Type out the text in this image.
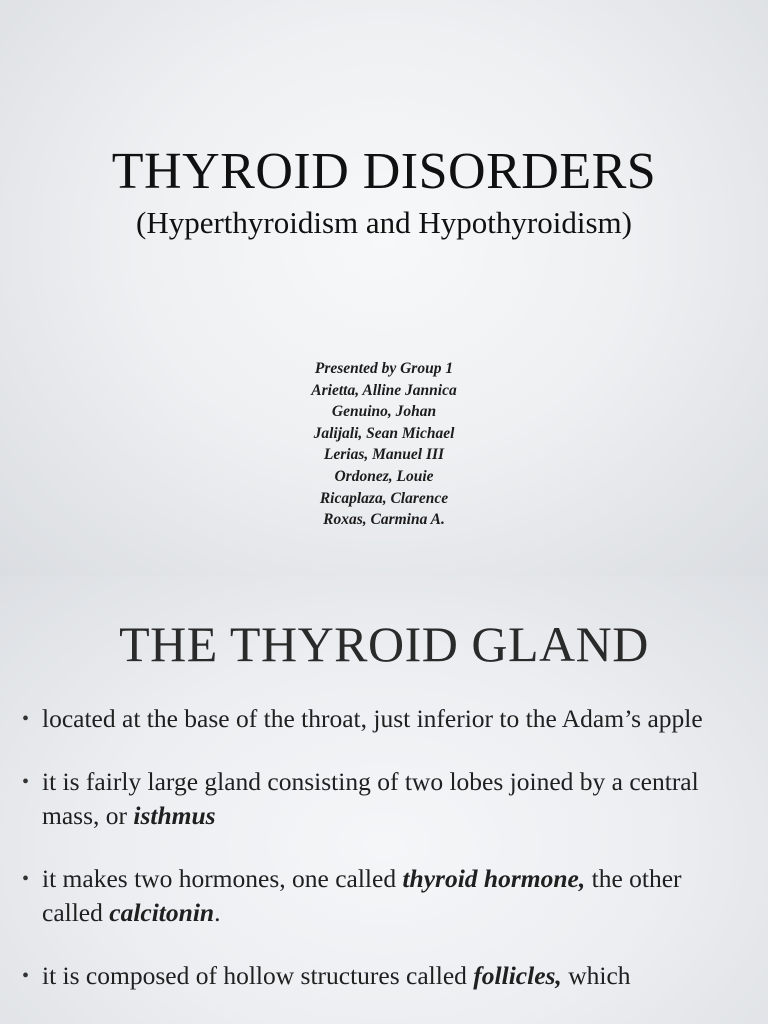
THYROID DISORDERS
(Hyperthyroidism and Hypothyroidism)
Presented by Group 1
Arietta, Alline Jannica
Genuino, Johan
Jalijali, Sean Michael
Lerias, Manuel III
Ordonez, Louie
Ricaplaza, Clarence
Roxas, Carmina A.
THE THYROID GLAND
• located at the base of the throat, just inferior to the Adam’s apple
• it is fairly large gland consisting of two lobes joined by a central mass, or isthmus
• it makes two hormones, one called thyroid hormone, the other called calcitonin.
• it is composed of hollow structures called follicles, which
